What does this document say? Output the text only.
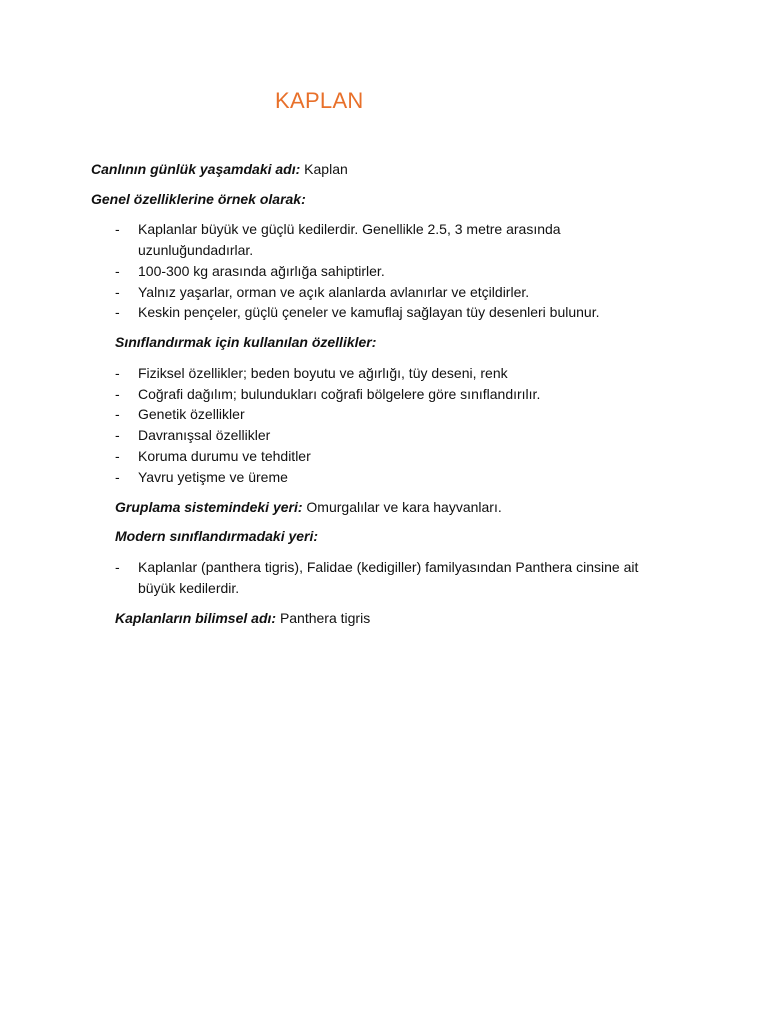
KAPLAN
Canlının günlük yaşamdaki adı: Kaplan
Genel özelliklerine örnek olarak:
- Kaplanlar büyük ve güçlü kedilerdir. Genellikle 2.5, 3 metre arasında uzunluğundadırlar.
- 100-300 kg arasında ağırlığa sahiptirler.
- Yalnız yaşarlar, orman ve açık alanlarda avlanırlar ve etçildirler.
- Keskin pençeler, güçlü çeneler ve kamuflaj sağlayan tüy desenleri bulunur.
Sınıflandırmak için kullanılan özellikler:
- Fiziksel özellikler; beden boyutu ve ağırlığı, tüy deseni, renk
- Coğrafi dağılım; bulundukları coğrafi bölgelere göre sınıflandırılır.
- Genetik özellikler
- Davranışsal özellikler
- Koruma durumu ve tehditler
- Yavru yetişme ve üreme
Gruplama sistemindeki yeri: Omurgalılar ve kara hayvanları.
Modern sınıflandırmadaki yeri:
- Kaplanlar (panthera tigris), Falidae (kedigiller) familyasından Panthera cinsine ait büyük kedilerdir.
Kaplanların bilimsel adı: Panthera tigris
